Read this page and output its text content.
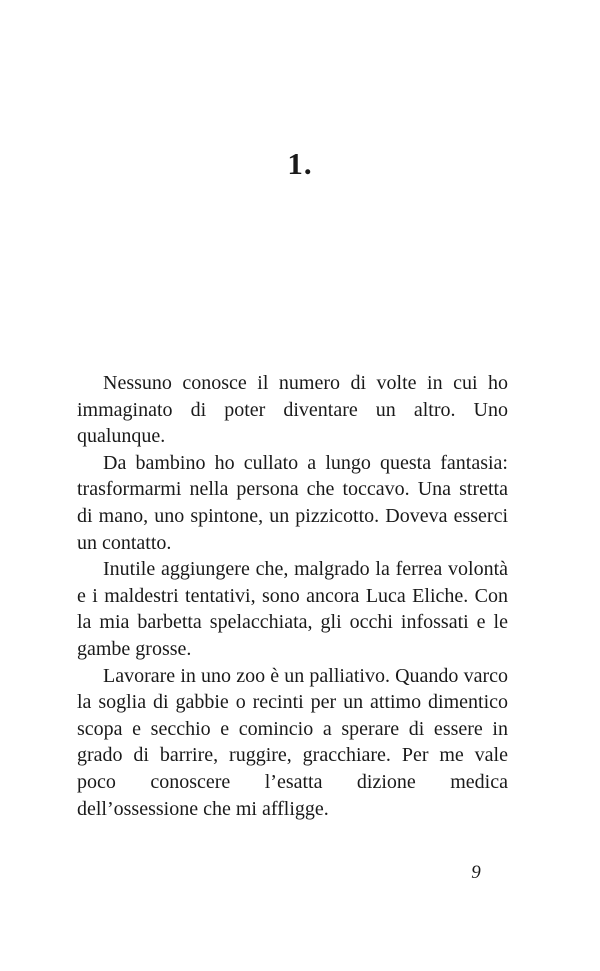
1.

Nessuno conosce il numero di volte in cui ho immaginato di poter diventare un altro. Uno qualunque.

Da bambino ho cullato a lungo questa fantasia: trasformarmi nella persona che toccavo. Una stretta di mano, uno spintone, un pizzicotto. Doveva esserci un contatto.

Inutile aggiungere che, malgrado la ferrea volontà e i maldestri tentativi, sono ancora Luca Eliche. Con la mia barbetta spelacchiata, gli occhi infossati e le gambe grosse.

Lavorare in uno zoo è un palliativo. Quando varco la soglia di gabbie o recinti per un attimo dimentico scopa e secchio e comincio a sperare di essere in grado di barrire, ruggire, gracchiare. Per me vale poco conoscere l’esatta dizione medica dell’ossessione che mi affligge.

9
